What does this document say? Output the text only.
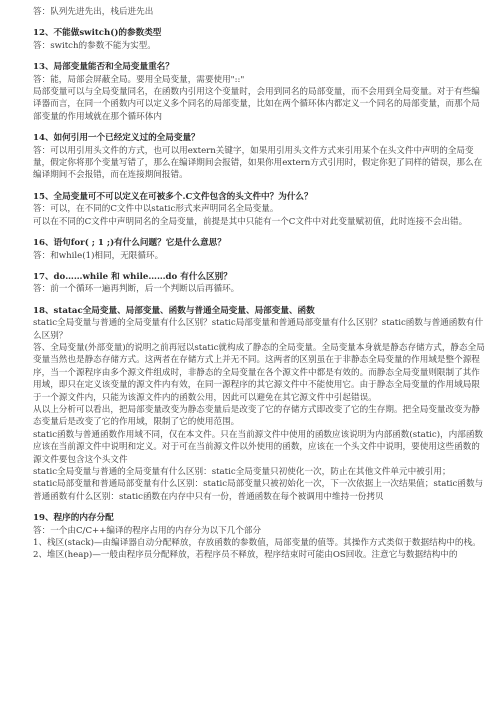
答：队列先进先出，栈后进先出

12、不能做switch()的参数类型

答：switch的参数不能为实型。

13、局部变量能否和全局变量重名？

答：能，局部会屏蔽全局。要用全局变量，需要使用"::"

局部变量可以与全局变量同名，在函数内引用这个变量时，会用到同名的局部变量，而不会用到全局变量。对于有些编译器而言，在同一个函数内可以定义多个同名的局部变量，比如在两个循环体内都定义一个同名的局部变量，而那个局部变量的作用域就在那个循环体内

14、如何引用一个已经定义过的全局变量？

答：可以用引用头文件的方式，也可以用extern关键字，如果用引用头文件方式来引用某个在头文件中声明的全局变量，假定你将那个变量写错了，那么在编译期间会报错，如果你用extern方式引用时，假定你犯了同样的错误，那么在编译期间不会报错，而在连接期间报错。

15、全局变量可不可以定义在可被多个.C文件包含的头文件中？为什么？

答：可以，在不同的C文件中以static形式来声明同名全局变量。

可以在不同的C文件中声明同名的全局变量，前提是其中只能有一个C文件中对此变量赋初值，此时连接不会出错。

16、语句for( ; 1 ;)有什么问题？它是什么意思？

答：和while(1)相同，无限循环。

17、do……while 和 while……do 有什么区别？

答：前一个循环一遍再判断，后一个判断以后再循环。

18、statac全局变量、局部变量、函数与普通全局变量、局部变量、函数

static全局变量与普通的全局变量有什么区别？static局部变量和普通局部变量有什么区别？static函数与普通函数有什么区别？

答、全局变量(外部变量)的说明之前再冠以static就构成了静态的全局变量。全局变量本身就是静态存储方式，静态全局变量当然也是静态存储方式。这两者在存储方式上并无不同。这两者的区别虽在于非静态全局变量的作用域是整个源程序，当一个源程序由多个源文件组成时，非静态的全局变量在各个源文件中都是有效的。而静态全局变量则限制了其作用域，即只在定义该变量的源文件内有效，在同一源程序的其它源文件中不能使用它。由于静态全局变量的作用域局限于一个源文件内，只能为该源文件内的函数公用，因此可以避免在其它源文件中引起错误。

从以上分析可以看出，把局部变量改变为静态变量后是改变了它的存储方式即改变了它的生存期。把全局变量改变为静态变量后是改变了它的作用域，限制了它的使用范围。

static函数与普通函数作用域不同，仅在本文件。只在当前源文件中使用的函数应该说明为内部函数(static)，内部函数应该在当前源文件中说明和定义。对于可在当前源文件以外使用的函数，应该在一个头文件中说明，要使用这些函数的源文件要包含这个头文件

static全局变量与普通的全局变量有什么区别：static全局变量只初使化一次，防止在其他文件单元中被引用；

static局部变量和普通局部变量有什么区别：static局部变量只被初始化一次，下一次依据上一次结果值；static函数与普通函数有什么区别：static函数在内存中只有一份，普通函数在每个被调用中维持一份拷贝

19、程序的内存分配

答：一个由C/C++编译的程序占用的内存分为以下几个部分

1、栈区(stack)—由编译器自动分配释放，存放函数的参数值，局部变量的值等。其操作方式类似于数据结构中的栈。

2、堆区(heap)—一般由程序员分配释放，若程序员不释放，程序结束时可能由OS回收。注意它与数据结构中的
